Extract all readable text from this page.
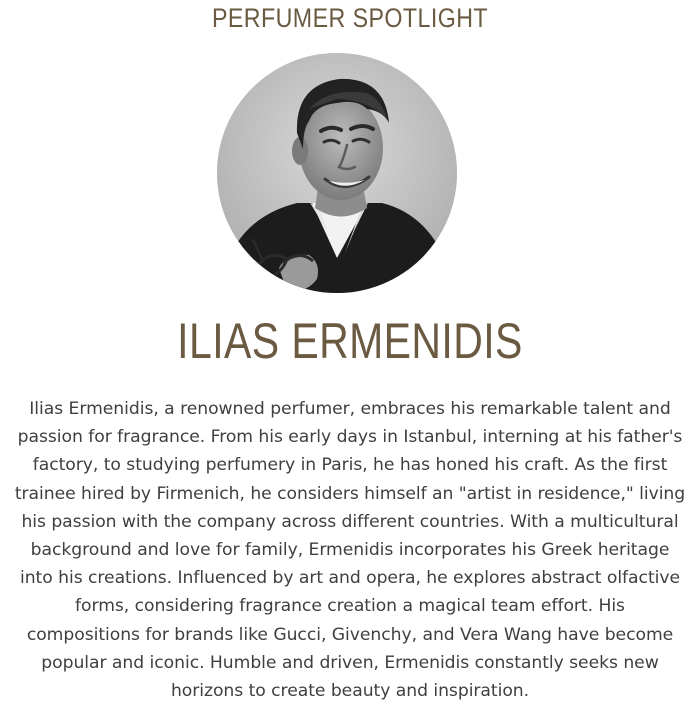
PERFUMER SPOTLIGHT
ILIAS ERMENIDIS
Ilias Ermenidis, a renowned perfumer, embraces his remarkable talent and
passion for fragrance. From his early days in Istanbul, interning at his father's
factory, to studying perfumery in Paris, he has honed his craft. As the first
trainee hired by Firmenich, he considers himself an "artist in residence," living
his passion with the company across different countries. With a multicultural
background and love for family, Ermenidis incorporates his Greek heritage
into his creations. Influenced by art and opera, he explores abstract olfactive
forms, considering fragrance creation a magical team effort. His
compositions for brands like Gucci, Givenchy, and Vera Wang have become
popular and iconic. Humble and driven, Ermenidis constantly seeks new
horizons to create beauty and inspiration.
